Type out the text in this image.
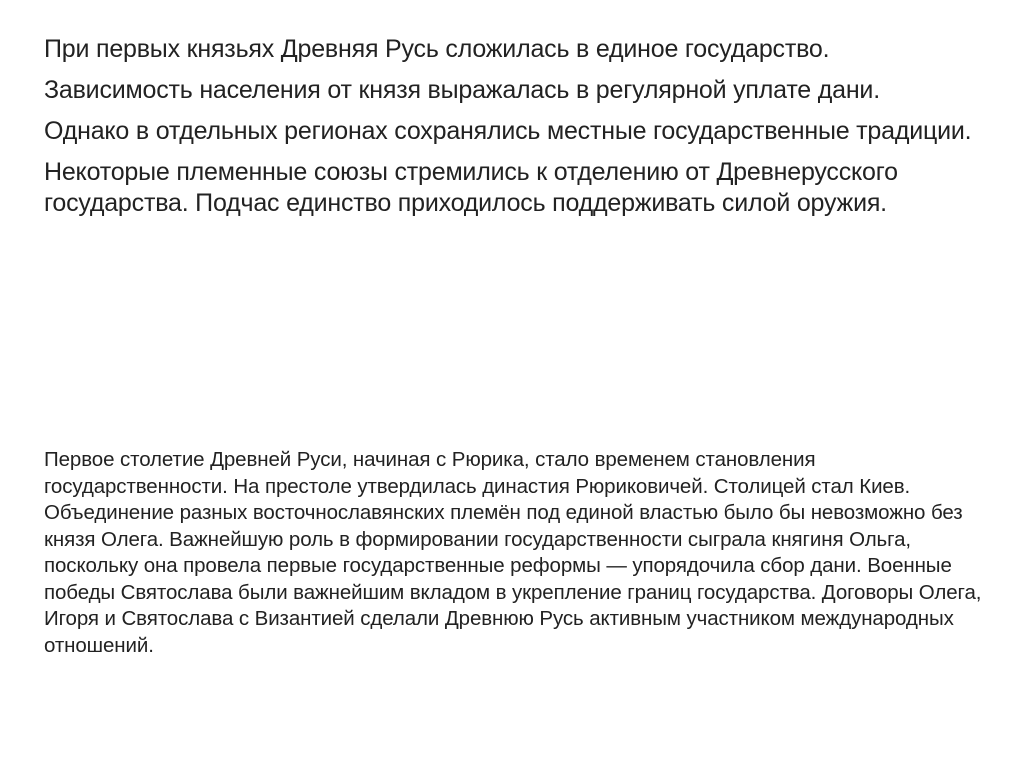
При первых князьях Древняя Русь сложилась в единое государство.

Зависимость населения от князя выражалась в регулярной уплате дани.

Однако в отдельных регионах сохранялись местные государственные традиции.

Некоторые племенные союзы стремились к отделению от Древнерусского государства. Подчас единство приходилось поддерживать силой оружия.

Первое столетие Древней Руси, начиная с Рюрика, стало временем становления государственности. На престоле утвердилась династия Рюриковичей. Столицей стал Киев. Объединение разных восточнославянских племён под единой властью было бы невозможно без князя Олега. Важнейшую роль в формировании государственности сыграла княгиня Ольга, поскольку она провела первые государственные реформы — упорядочила сбор дани. Военные победы Святослава были важнейшим вкладом в укрепление границ государства. Договоры Олега, Игоря и Святослава с Византией сделали Древнюю Русь активным участником международных отношений.
